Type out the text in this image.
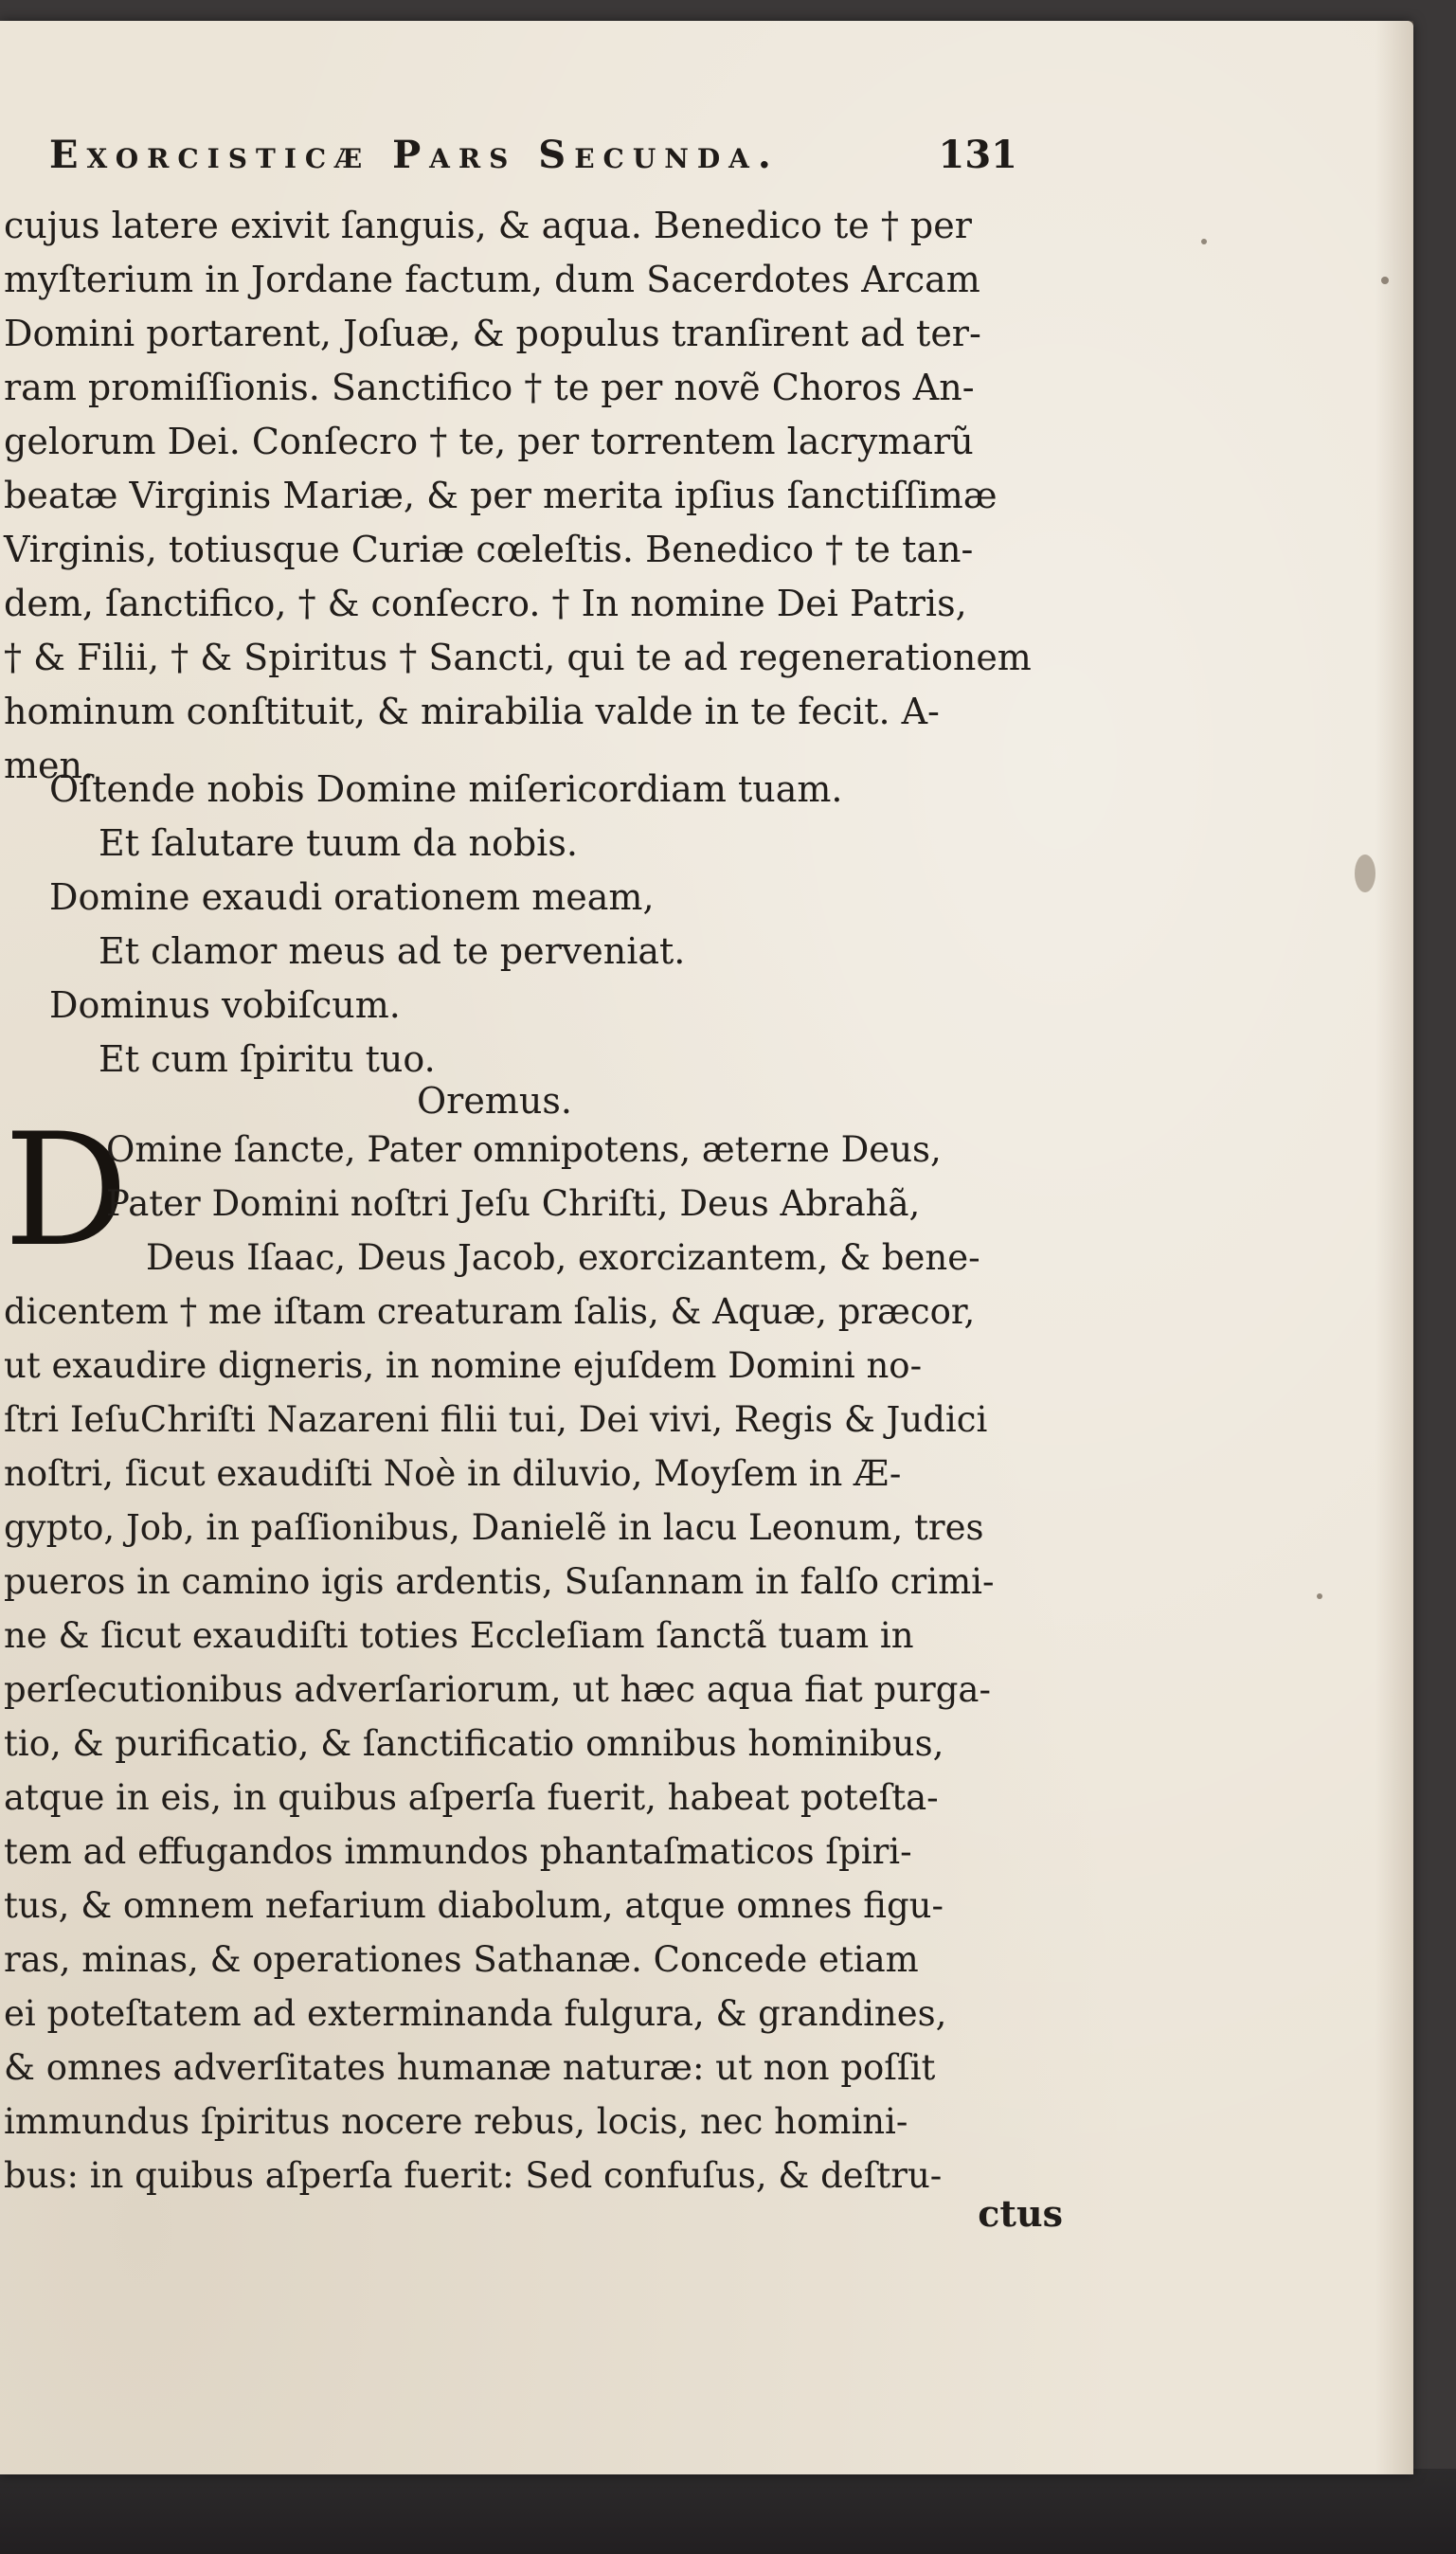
Exorcisticæ Pars Secunda.	131
cujus latere exivit ſanguis, & aqua. Benedico te † per
myſterium in Jordane factum, dum Sacerdotes Arcam
Domini portarent, Joſuæ, & populus tranſirent ad ter-
ram promiſſionis. Sanctifico † te per novẽ Choros An-
gelorum Dei. Conſecro † te, per torrentem lacrymarũ
beatæ Virginis Mariæ, & per merita ipſius ſanctiſſimæ
Virginis, totiusque Curiæ cœleſtis. Benedico † te tan-
dem, ſanctifico, † & conſecro. † In nomine Dei Patris,
† & Filii, † & Spiritus † Sancti, qui te ad regenerationem
hominum conſtituit, & mirabilia valde in te fecit. A-
men.
Oſtende nobis Domine miſericordiam tuam.
Et ſalutare tuum da nobis.
Domine exaudi orationem meam,
Et clamor meus ad te perveniat.
Dominus vobiſcum.
Et cum ſpiritu tuo.
Oremus.
D
Omine ſancte, Pater omnipotens, æterne Deus,
Pater Domini noſtri Jeſu Chriſti, Deus Abrahã,
Deus Iſaac, Deus Jacob, exorcizantem, & bene-
dicentem † me iſtam creaturam ſalis, & Aquæ, præcor,
ut exaudire digneris, in nomine ejuſdem Domini no-
ſtri IeſuChriſti Nazareni filii tui, Dei vivi, Regis & Judici
noſtri, ſicut exaudiſti Noè in diluvio, Moyſem in Æ-
gypto, Job, in paſſionibus, Danielẽ in lacu Leonum, tres
pueros in camino igis ardentis, Suſannam in falſo crimi-
ne & ſicut exaudiſti toties Eccleſiam ſanctã tuam in
perſecutionibus adverſariorum, ut hæc aqua fiat purga-
tio, & purificatio, & ſanctificatio omnibus hominibus,
atque in eis, in quibus aſperſa fuerit, habeat poteſta-
tem ad effugandos immundos phantaſmaticos ſpiri-
tus, & omnem nefarium diabolum, atque omnes figu-
ras, minas, & operationes Sathanæ. Concede etiam
ei poteſtatem ad exterminanda fulgura, & grandines,
& omnes adverſitates humanæ naturæ: ut non poſſit
immundus ſpiritus nocere rebus, locis, nec homini-
bus: in quibus aſperſa fuerit: Sed confuſus, & deſtru-
ctus
